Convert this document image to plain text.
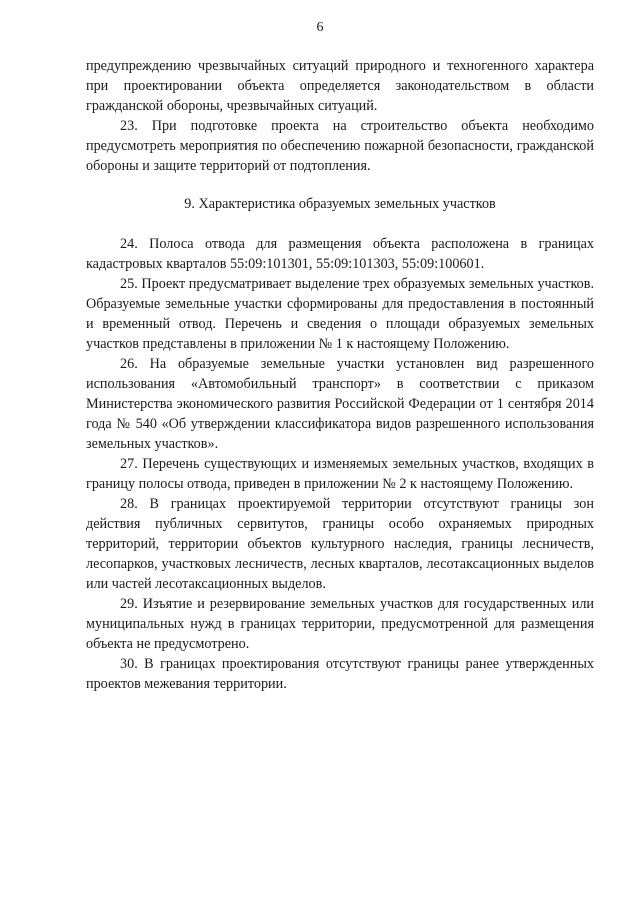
6

предупреждению чрезвычайных ситуаций природного и техногенного характера при проектировании объекта определяется законодательством в области гражданской обороны, чрезвычайных ситуаций.

23. При подготовке проекта на строительство объекта необходимо предусмотреть мероприятия по обеспечению пожарной безопасности, гражданской обороны и защите территорий от подтопления.

9. Характеристика образуемых земельных участков

24. Полоса отвода для размещения объекта расположена в границах кадастровых кварталов 55:09:101301, 55:09:101303, 55:09:100601.

25. Проект предусматривает выделение трех образуемых земельных участков. Образуемые земельные участки сформированы для предоставления в постоянный и временный отвод. Перечень и сведения о площади образуемых земельных участков представлены в приложении № 1 к настоящему Положению.

26. На образуемые земельные участки установлен вид разрешенного использования «Автомобильный транспорт» в соответствии с приказом Министерства экономического развития Российской Федерации от 1 сентября 2014 года № 540 «Об утверждении классификатора видов разрешенного использования земельных участков».

27. Перечень существующих и изменяемых земельных участков, входящих в границу полосы отвода, приведен в приложении № 2 к настоящему Положению.

28. В границах проектируемой территории отсутствуют границы зон действия публичных сервитутов, границы особо охраняемых природных территорий, территории объектов культурного наследия, границы лесничеств, лесопарков, участковых лесничеств, лесных кварталов, лесотаксационных выделов или частей лесотаксационных выделов.

29. Изъятие и резервирование земельных участков для государственных или муниципальных нужд в границах территории, предусмотренной для размещения объекта не предусмотрено.

30. В границах проектирования отсутствуют границы ранее утвержденных проектов межевания территории.
